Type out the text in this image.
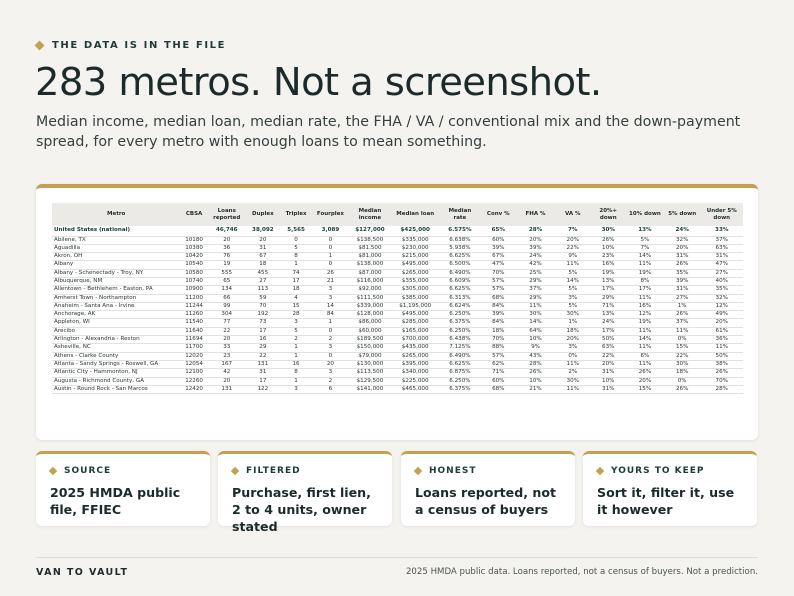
THE DATA IS IN THE FILE
283 metros. Not a screenshot.

Median income, median loan, median rate, the FHA / VA / conventional mix and the down-payment spread, for every metro with enough loans to mean something.

Metro	CBSA	Loans reported	Duplex	Triplex	Fourplex	Median income	Median loan	Median rate	Conv %	FHA %	VA %	20%+ down	10% down	5% down	Under 5% down
United States (national)		46,746	38,092	5,565	3,089	$127,000	$425,000	6.575%	65%	28%	7%	30%	13%	24%	33%
Abilene, TX	10180	20	20	0	0	$138,500	$335,000	6.638%	60%	20%	20%	26%	5%	32%	37%
Aguadilla	10380	36	31	5	0	$81,500	$230,000	5.938%	39%	39%	22%	10%	7%	20%	63%
Akron, OH	10420	76	67	8	1	$81,000	$215,000	6.625%	67%	24%	9%	23%	14%	31%	31%
Albany	10540	19	18	1	0	$138,000	$495,000	6.500%	47%	42%	11%	16%	11%	26%	47%
Albany - Schenectady - Troy, NY	10580	555	455	74	26	$87,000	$265,000	6.490%	70%	25%	5%	19%	19%	35%	27%
Albuquerque, NM	10740	65	27	17	21	$116,000	$355,000	6.609%	57%	29%	14%	13%	8%	39%	40%
Allentown - Bethlehem - Easton, PA	10900	134	113	18	3	$92,000	$305,000	6.625%	57%	37%	5%	17%	17%	31%	35%
Amherst Town - Northampton	11200	66	59	4	3	$111,500	$385,000	6.313%	68%	29%	3%	29%	11%	27%	32%
Anaheim - Santa Ana - Irvine	11244	99	70	15	14	$339,000	$1,195,000	6.624%	84%	11%	5%	71%	16%	1%	12%
Anchorage, AK	11260	304	192	28	84	$128,000	$495,000	6.250%	39%	30%	30%	13%	12%	26%	49%
Appleton, WI	11540	77	73	3	1	$86,000	$285,000	6.375%	84%	14%	1%	24%	19%	37%	20%
Arecibo	11640	22	17	5	0	$60,000	$165,000	6.250%	18%	64%	18%	17%	11%	11%	61%
Arlington - Alexandria - Reston	11694	20	16	2	2	$189,500	$700,000	6.438%	70%	10%	20%	50%	14%	0%	36%
Asheville, NC	11700	33	29	1	3	$150,000	$435,000	7.125%	88%	9%	3%	63%	11%	15%	11%
Athens - Clarke County	12020	23	22	1	0	$79,000	$265,000	6.490%	57%	43%	0%	22%	6%	22%	50%
Atlanta - Sandy Springs - Roswell, GA	12054	167	131	16	20	$130,000	$395,000	6.625%	62%	28%	11%	20%	11%	30%	38%
Atlantic City - Hammonton, NJ	12100	42	31	8	3	$113,500	$340,000	6.875%	71%	26%	2%	31%	26%	18%	26%
Augusta - Richmond County, GA	12260	20	17	1	2	$129,500	$225,000	6.250%	60%	10%	30%	10%	20%	0%	70%
Austin - Round Rock - San Marcos	12420	131	122	3	6	$141,000	$465,000	6.375%	68%	21%	11%	31%	15%	26%	28%
SOURCE
2025 HMDA public file, FFIEC
FILTERED
Purchase, first lien, 2 to 4 units, owner stated
HONEST
Loans reported, not a census of buyers
YOURS TO KEEP
Sort it, filter it, use it however
VAN TO VAULT	2025 HMDA public data. Loans reported, not a census of buyers. Not a prediction.
